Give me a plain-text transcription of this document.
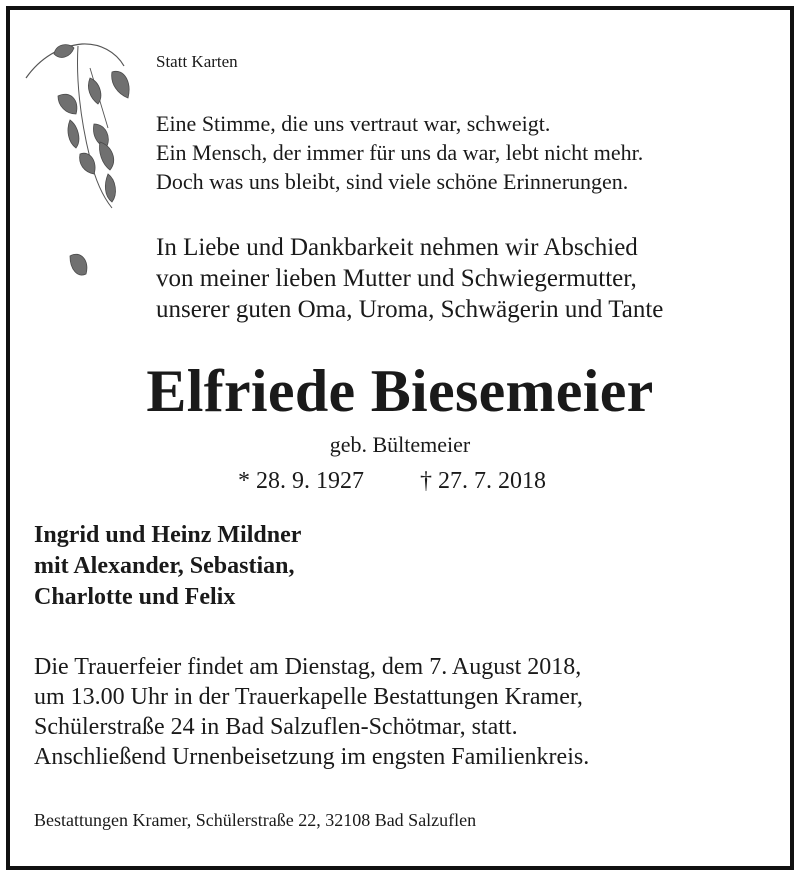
Statt Karten

Eine Stimme, die uns vertraut war, schweigt.
Ein Mensch, der immer für uns da war, lebt nicht mehr.
Doch was uns bleibt, sind viele schöne Erinnerungen.
In Liebe und Dankbarkeit nehmen wir Abschied
von meiner lieben Mutter und Schwiegermutter,
unserer guten Oma, Uroma, Schwägerin und Tante

Elfriede Biesemeier

geb. Bültemeier

* 28. 9. 1927 † 27. 7. 2018

Ingrid und Heinz Mildner
mit Alexander, Sebastian,
Charlotte und Felix
Die Trauerfeier findet am Dienstag, dem 7. August 2018,
um 13.00 Uhr in der Trauerkapelle Bestattungen Kramer,
Schülerstraße 24 in Bad Salzuflen-Schötmar, statt.
Anschließend Urnenbeisetzung im engsten Familienkreis.

Bestattungen Kramer, Schülerstraße 22, 32108 Bad Salzuflen
